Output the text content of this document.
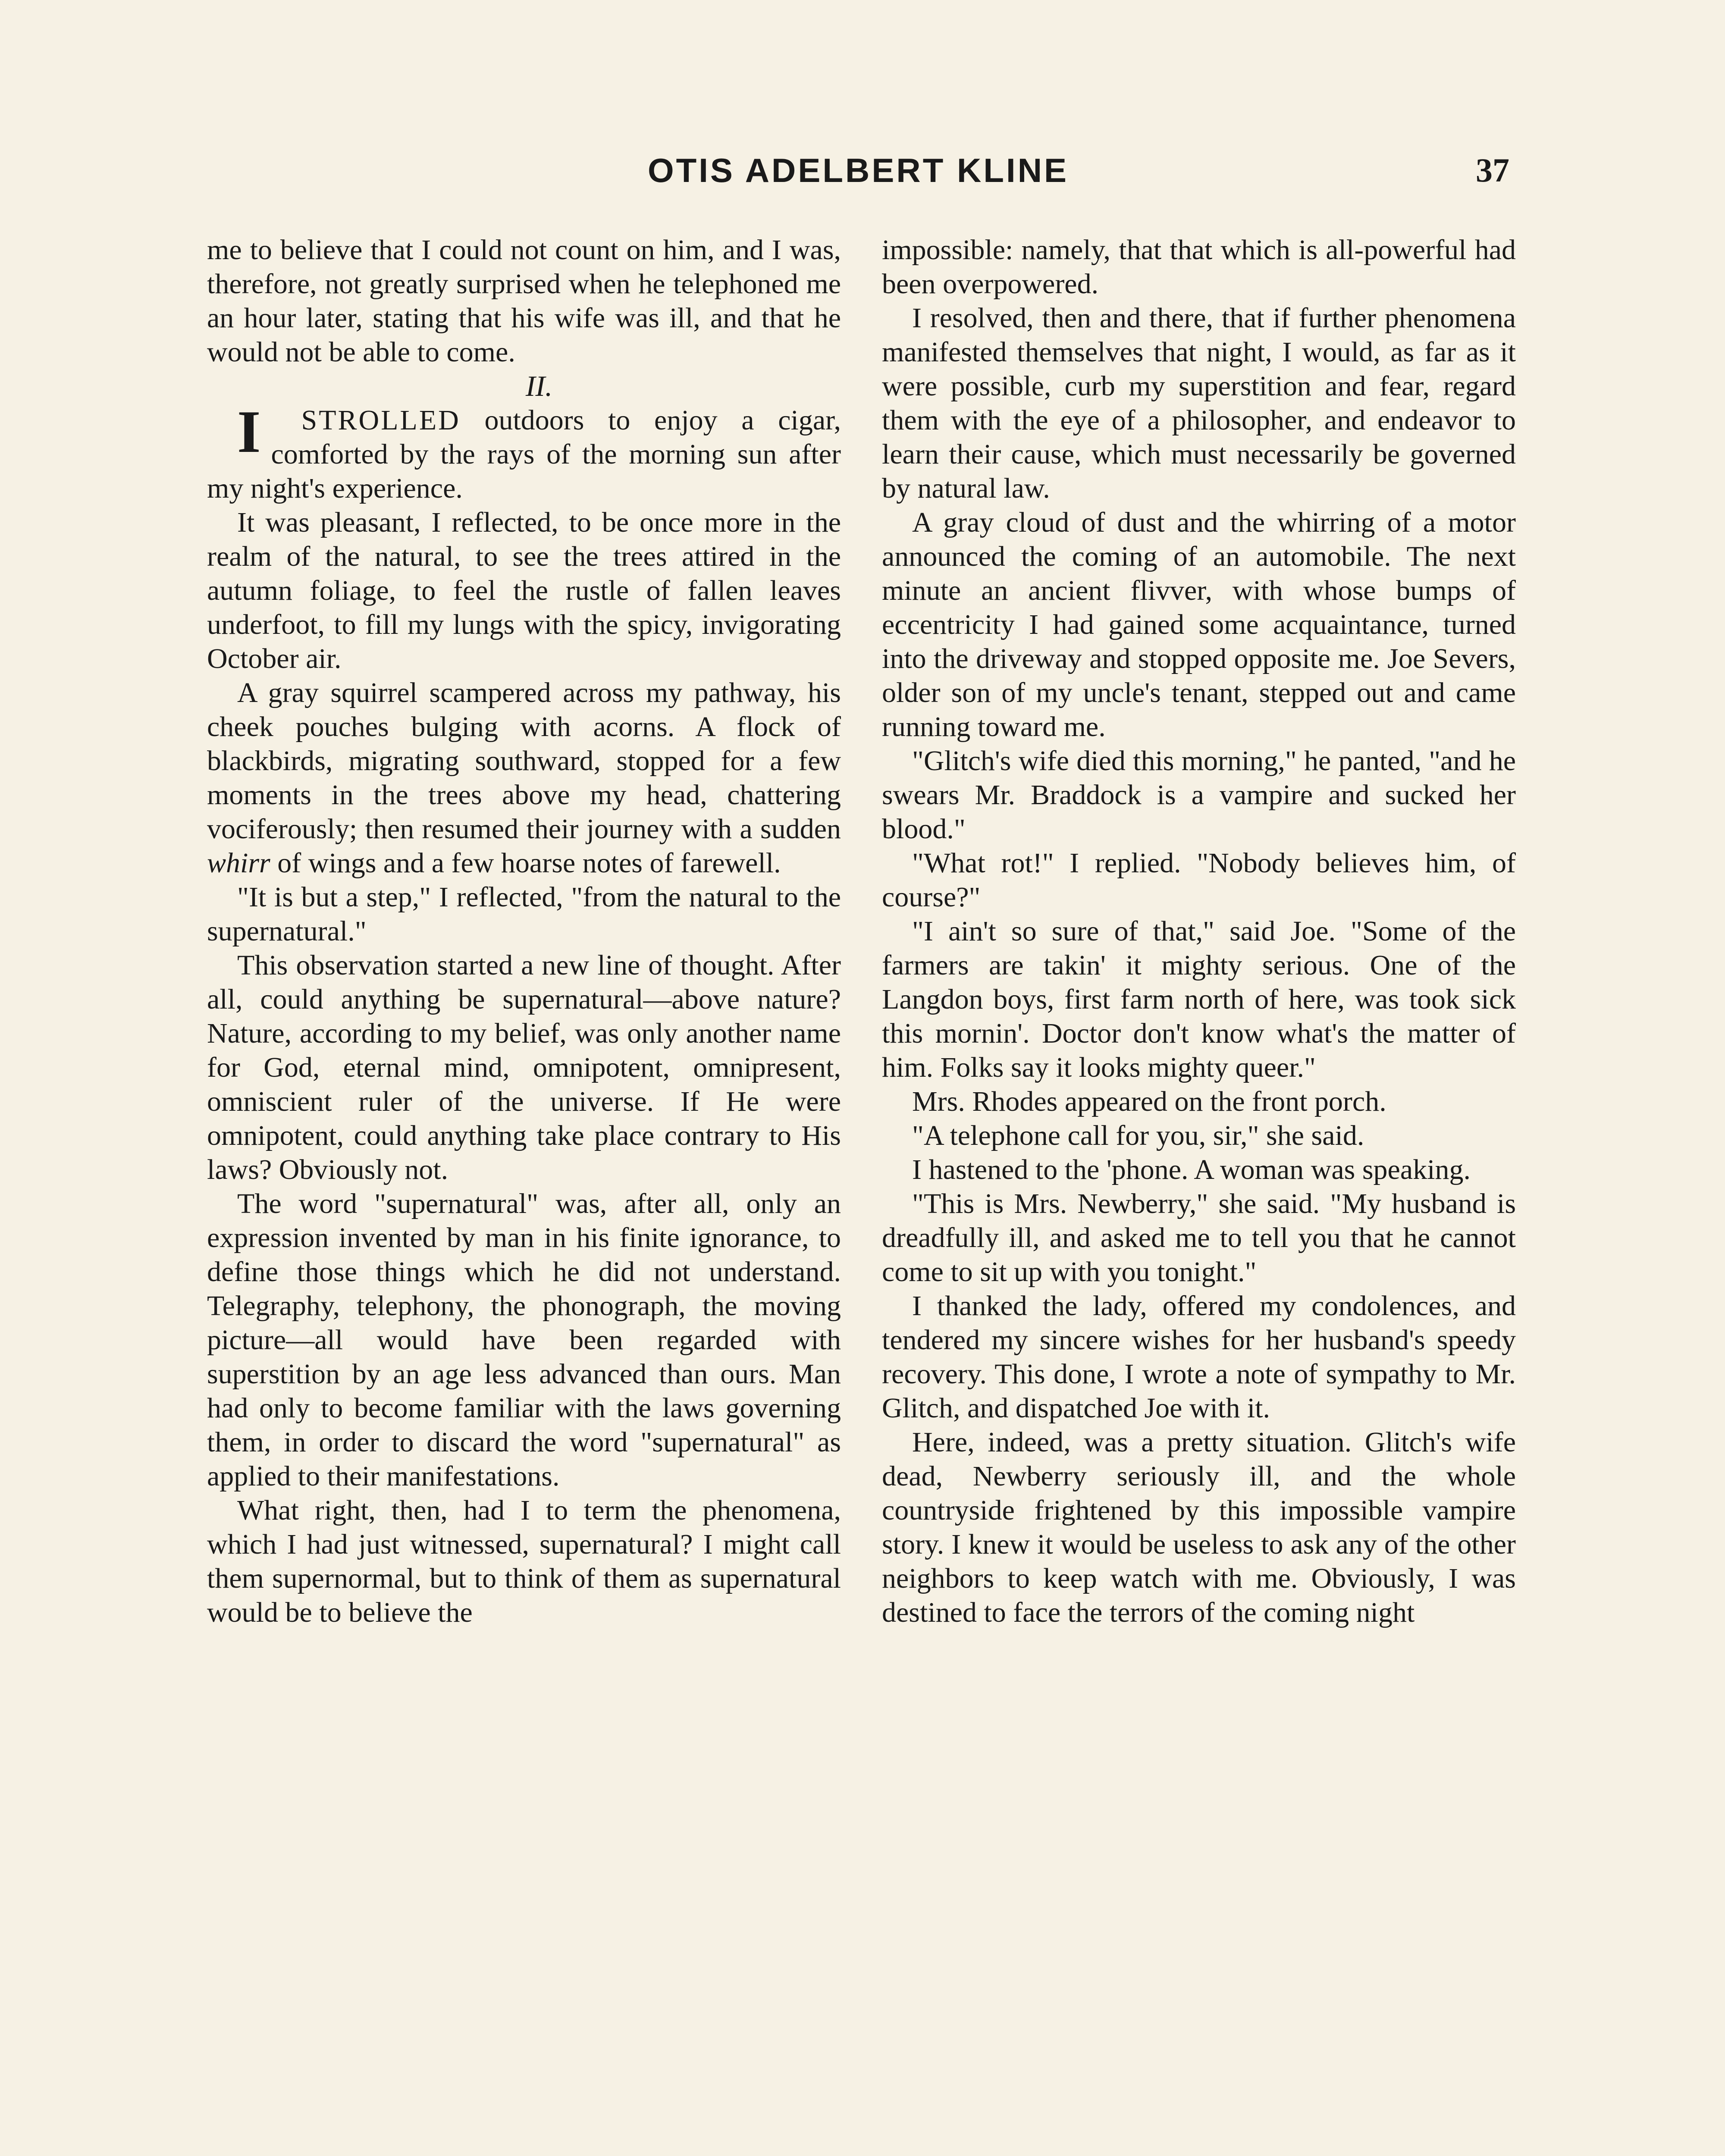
OTIS ADELBERT KLINE	37

me to believe that I could not count on him, and I was, therefore, not greatly surprised when he telephoned me an hour later, stating that his wife was ill, and that he would not be able to come.

II.

I STROLLED outdoors to enjoy a cigar, comforted by the rays of the morning sun after my night's experience.

It was pleasant, I reflected, to be once more in the realm of the natural, to see the trees attired in the autumn foliage, to feel the rustle of fallen leaves underfoot, to fill my lungs with the spicy, invigorating October air.

A gray squirrel scampered across my pathway, his cheek pouches bulging with acorns. A flock of blackbirds, migrating southward, stopped for a few moments in the trees above my head, chattering vociferously; then resumed their journey with a sudden whirr of wings and a few hoarse notes of farewell.

"It is but a step," I reflected, "from the natural to the supernatural."

This observation started a new line of thought. After all, could anything be supernatural—above nature? Nature, according to my belief, was only another name for God, eternal mind, omnipotent, omnipresent, omniscient ruler of the universe. If He were omnipotent, could anything take place contrary to His laws? Obviously not.

The word "supernatural" was, after all, only an expression invented by man in his finite ignorance, to define those things which he did not understand. Telegraphy, telephony, the phonograph, the moving picture—all would have been regarded with superstition by an age less advanced than ours. Man had only to become familiar with the laws governing them, in order to discard the word "supernatural" as applied to their manifestations.

What right, then, had I to term the phenomena, which I had just witnessed, supernatural? I might call them supernormal, but to think of them as supernatural would be to believe the

impossible: namely, that that which is all-powerful had been overpowered.

I resolved, then and there, that if further phenomena manifested themselves that night, I would, as far as it were possible, curb my superstition and fear, regard them with the eye of a philosopher, and endeavor to learn their cause, which must necessarily be governed by natural law.

A gray cloud of dust and the whirring of a motor announced the coming of an automobile. The next minute an ancient flivver, with whose bumps of eccentricity I had gained some acquaintance, turned into the driveway and stopped opposite me. Joe Severs, older son of my uncle's tenant, stepped out and came running toward me.

"Glitch's wife died this morning," he panted, "and he swears Mr. Braddock is a vampire and sucked her blood."

"What rot!" I replied. "Nobody believes him, of course?"

"I ain't so sure of that," said Joe. "Some of the farmers are takin' it mighty serious. One of the Langdon boys, first farm north of here, was took sick this mornin'. Doctor don't know what's the matter of him. Folks say it looks mighty queer."

Mrs. Rhodes appeared on the front porch.

"A telephone call for you, sir," she said.

I hastened to the 'phone. A woman was speaking.

"This is Mrs. Newberry," she said. "My husband is dreadfully ill, and asked me to tell you that he cannot come to sit up with you tonight."

I thanked the lady, offered my condolences, and tendered my sincere wishes for her husband's speedy recovery. This done, I wrote a note of sympathy to Mr. Glitch, and dispatched Joe with it.

Here, indeed, was a pretty situation. Glitch's wife dead, Newberry seriously ill, and the whole countryside frightened by this impossible vampire story. I knew it would be useless to ask any of the other neighbors to keep watch with me. Obviously, I was destined to face the terrors of the coming night
